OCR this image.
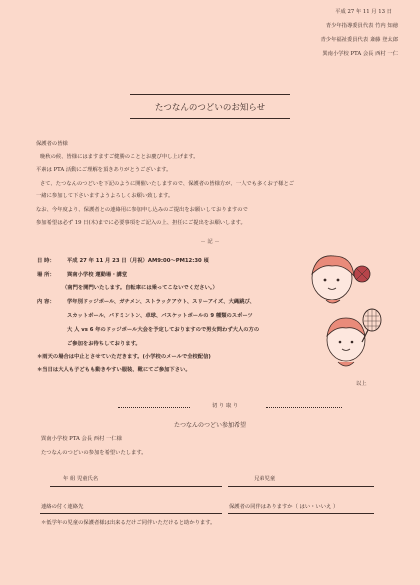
平成 27 年 11 月 13 日
青少年指導委員代表 竹内 知徳
青少年福祉委員代表 斎藤 登太郎
巽南小学校 PTA 会長 西村 一仁
たつなんのつどいのお知らせ
保護者の皆様
晩秋の候、皆様にはますますご健勝のこととお慶び申し上げます。
平素は PTA 活動にご理解を頂きありがとうございます。
さて、たつなんのつどいを下記のように開催いたしますので、保護者の皆様方が、一人でも多くお子様とご
一緒に参加して下さいますようよろしくお願い致します。
なお、今年度より、保護者との連絡用に参加申し込みのご提出をお願いしておりますので
参加希望は必ず 19 日(木)までに必要事項をご記入の上、担任にご提出をお願いします。
－ 記 －
日 時： 平成 27 年 11 月 23 日（月祝）AM9:00～PM12:30 頃
場 所： 巽南小学校 運動場・講堂
（南門を開門いたします。自転車には乗ってこないでください。）
内 容： 学年別ドッジボール、ガチメン、ストラックアウト、スリーアイズ、大縄跳び、
スカットボール、バドミントン、卓球、バスケットボールの 9 種類のスポーツ
大 人 vs 6 年のドッジボール大会を予定しておりますので男女問わず大人の方の
ご参加をお待ちしております。
＊雨天の場合は中止とさせていただきます。(小学校のメールで全校配信)
＊当日は大人も子どもも動きやすい服装、靴にてご参加下さい。
以上
切 り 取 り
たつなんのつどい参加希望
巽南小学校 PTA 会長 西村 一仁様
たつなんのつどいの参加を希望いたします。
年 組 児童氏名	兄弟児童
連絡の付く連絡先	保護者の同伴はありますか（ はい・いいえ ）
＊低学年の児童の保護者様は出来るだけご同伴いただけると助かります。
